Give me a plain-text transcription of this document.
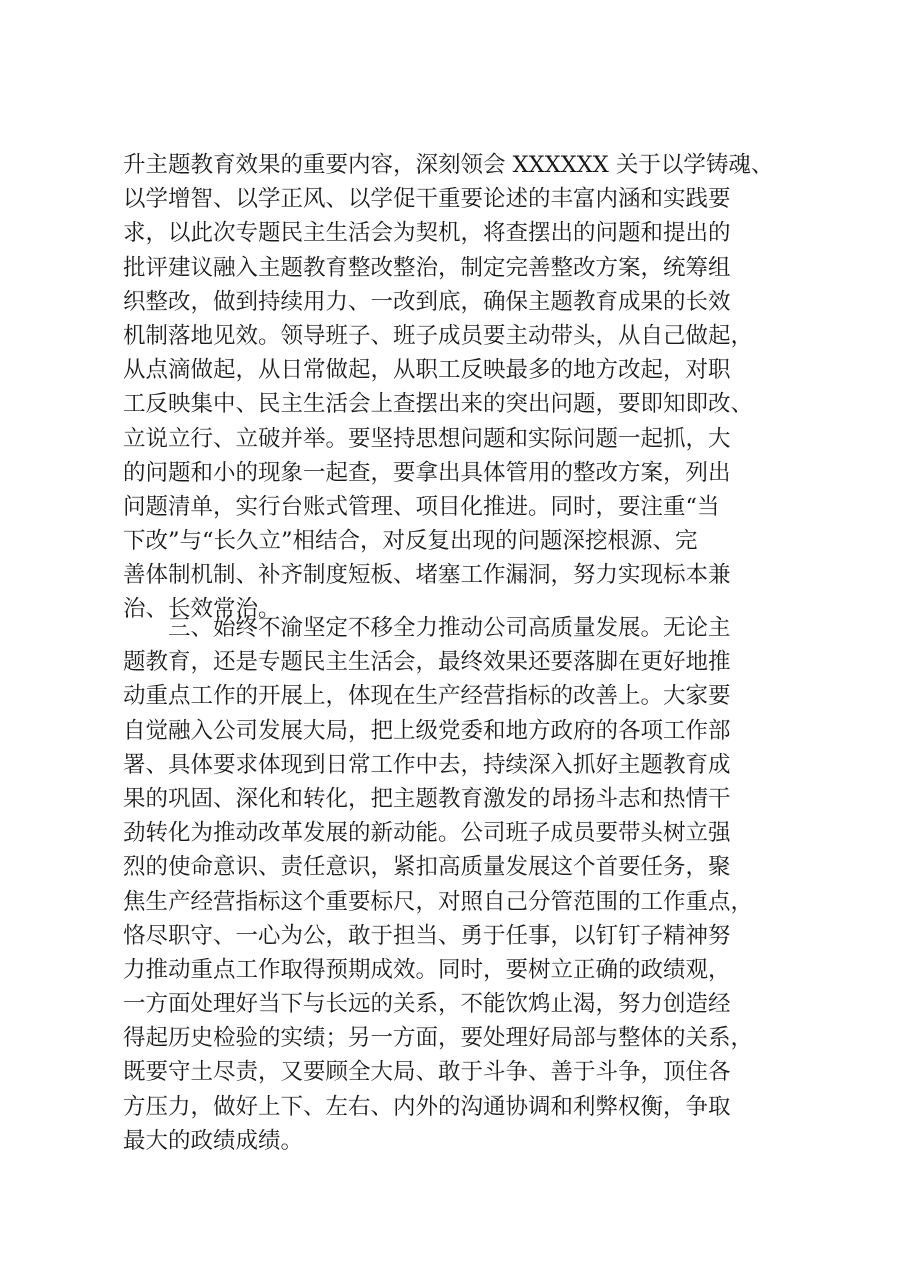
升主题教育效果的重要内容，深刻领会 XXXXXX 关于以学铸魂、
以学增智、以学正风、以学促干重要论述的丰富内涵和实践要
求，以此次专题民主生活会为契机，将查摆出的问题和提出的
批评建议融入主题教育整改整治，制定完善整改方案，统筹组
织整改，做到持续用力、一改到底，确保主题教育成果的长效
机制落地见效。领导班子、班子成员要主动带头，从自己做起，
从点滴做起，从日常做起，从职工反映最多的地方改起，对职
工反映集中、民主生活会上查摆出来的突出问题，要即知即改、
立说立行、立破并举。要坚持思想问题和实际问题一起抓，大
的问题和小的现象一起查，要拿出具体管用的整改方案，列出
问题清单，实行台账式管理、项目化推进。同时，要注重“当
下改”与“长久立”相结合，对反复出现的问题深挖根源、完
善体制机制、补齐制度短板、堵塞工作漏洞，努力实现标本兼
治、长效常治。
　　三、始终不渝坚定不移全力推动公司高质量发展。无论主
题教育，还是专题民主生活会，最终效果还要落脚在更好地推
动重点工作的开展上，体现在生产经营指标的改善上。大家要
自觉融入公司发展大局，把上级党委和地方政府的各项工作部
署、具体要求体现到日常工作中去，持续深入抓好主题教育成
果的巩固、深化和转化，把主题教育激发的昂扬斗志和热情干
劲转化为推动改革发展的新动能。公司班子成员要带头树立强
烈的使命意识、责任意识，紧扣高质量发展这个首要任务，聚
焦生产经营指标这个重要标尺，对照自己分管范围的工作重点，
恪尽职守、一心为公，敢于担当、勇于任事，以钉钉子精神努
力推动重点工作取得预期成效。同时，要树立正确的政绩观，
一方面处理好当下与长远的关系，不能饮鸩止渴，努力创造经
得起历史检验的实绩；另一方面，要处理好局部与整体的关系，
既要守土尽责，又要顾全大局、敢于斗争、善于斗争，顶住各
方压力，做好上下、左右、内外的沟通协调和利弊权衡，争取
最大的政绩成绩。
